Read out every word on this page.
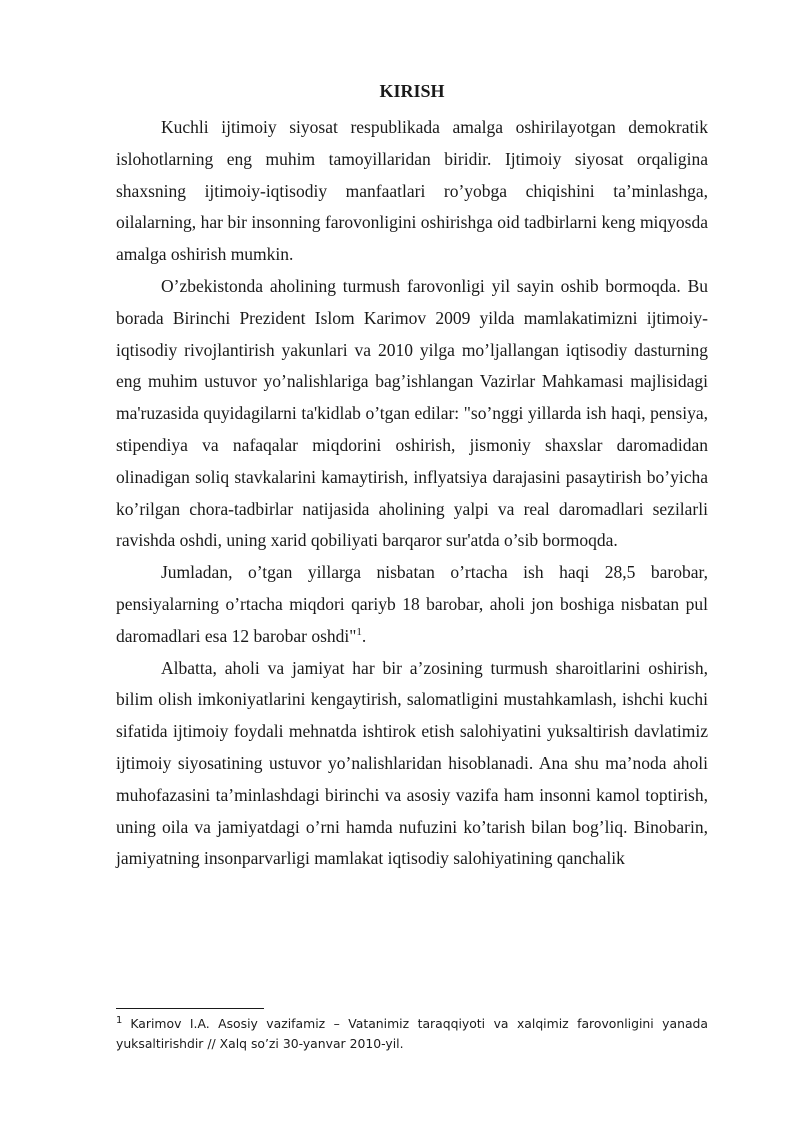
KIRISH

Kuchli ijtimoiy siyosat respublikada amalga oshirilayotgan demokratik islohotlarning eng muhim tamoyillaridan biridir. Ijtimoiy siyosat orqaligina shaxsning ijtimoiy-iqtisodiy manfaatlari ro’yobga chiqishini ta’minlashga, oilalarning, har bir insonning farovonligini oshirishga oid tadbirlarni keng miqyosda amalga oshirish mumkin.

O’zbekistonda aholining turmush farovonligi yil sayin oshib bormoqda. Bu borada Birinchi Prezident Islom Karimov 2009 yilda mamlakatimizni ijtimoiy-iqtisodiy rivojlantirish yakunlari va 2010 yilga mo’ljallangan iqtisodiy dasturning eng muhim ustuvor yo’nalishlariga bag’ishlangan Vazirlar Mahkamasi majlisidagi ma'ruzasida quyidagilarni ta'kidlab o’tgan edilar: "so’nggi yillarda ish haqi, pensiya, stipendiya va nafaqalar miqdorini oshirish, jismoniy shaxslar daromadidan olinadigan soliq stavkalarini kamaytirish, inflyatsiya darajasini pasaytirish bo’yicha ko’rilgan chora-tadbirlar natijasida aholining yalpi va real daromadlari sezilarli ravishda oshdi, uning xarid qobiliyati barqaror sur'atda o’sib bormoqda.

Jumladan, o’tgan yillarga nisbatan o’rtacha ish haqi 28,5 barobar, pensiyalarning o’rtacha miqdori qariyb 18 barobar, aholi jon boshiga nisbatan pul daromadlari esa 12 barobar oshdi"$^1$.

Albatta, aholi va jamiyat har bir a’zosining turmush sharoitlarini oshirish, bilim olish imkoniyatlarini kengaytirish, salomatligini mustahkamlash, ishchi kuchi sifatida ijtimoiy foydali mehnatda ishtirok etish salohiyatini yuksaltirish davlatimiz ijtimoiy siyosatining ustuvor yo’nalishlaridan hisoblanadi. Ana shu ma’noda aholi muhofazasini ta’minlashdagi birinchi va asosiy vazifa ham insonni kamol toptirish, uning oila va jamiyatdagi o’rni hamda nufuzini ko’tarish bilan bog’liq. Binobarin, jamiyatning insonparvarligi mamlakat iqtisodiy salohiyatining qanchalik

$^1$ Karimov I.A. Asosiy vazifamiz – Vatanimiz taraqqiyoti va xalqimiz farovonligini yanada yuksaltirishdir // Xalq so’zi 30-yanvar 2010-yil.
